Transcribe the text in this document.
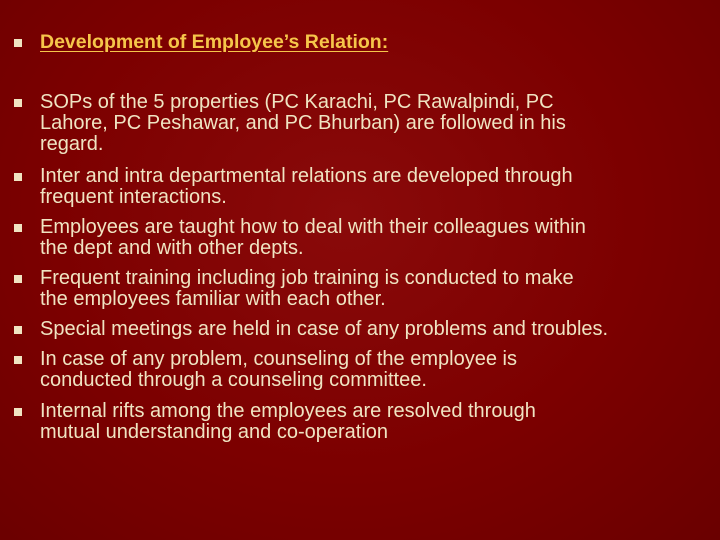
Development of Employee’s Relation:
SOPs of the 5 properties (PC Karachi, PC Rawalpindi, PC
Lahore, PC Peshawar, and PC Bhurban) are followed in his
regard.
Inter and intra departmental relations are developed through
frequent interactions.
Employees are taught how to deal with their colleagues within
the dept and with other depts.
Frequent training including job training is conducted to make
the employees familiar with each other.
Special meetings are held in case of any problems and troubles.
In case of any problem, counseling of the employee is
conducted through a counseling committee.
Internal rifts among the employees are resolved through
mutual understanding and co-operation
